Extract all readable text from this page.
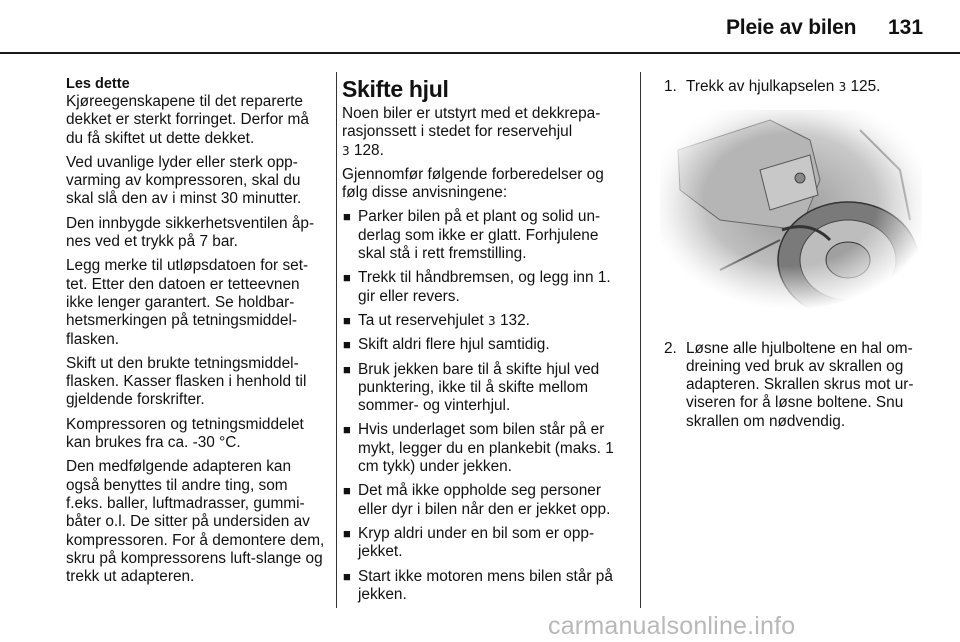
Pleie av bilen 131
Les dette

Kjøreegenskapene til det reparerte dekket er sterkt forringet. Derfor må du få skiftet ut dette dekket.

Ved uvanlige lyder eller sterk opp-varming av kompressoren, skal du skal slå den av i minst 30 minutter.

Den innbygde sikkerhetsventilen åp-nes ved et trykk på 7 bar.

Legg merke til utløpsdatoen for set-tet. Etter den datoen er tetteevnen ikke lenger garantert. Se holdbar-hetsmerkingen på tetningsmiddel-flasken.

Skift ut den brukte tetningsmiddel-flasken. Kasser flasken i henhold til gjeldende forskrifter.

Kompressoren og tetningsmiddelet kan brukes fra ca. -30 °C.

Den medfølgende adapteren kan også benyttes til andre ting, som f.eks. baller, luftmadrasser, gummi-båter o.l. De sitter på undersiden av kompressoren. For å demontere dem, skru på kompressorens luft-slange og trekk ut adapteren.

Skifte hjul

Noen biler er utstyrt med et dekkrepa-rasjonssett i stedet for reservehjul
3 128.

Gjennomfør følgende forberedelser og følg disse anvisningene:

■ Parker bilen på et plant og solid un-derlag som ikke er glatt. Forhjulene skal stå i rett fremstilling.
■ Trekk til håndbremsen, og legg inn 1. gir eller revers.
■ Ta ut reservehjulet 3 132.
■ Skift aldri flere hjul samtidig.
■ Bruk jekken bare til å skifte hjul ved punktering, ikke til å skifte mellom sommer- og vinterhjul.
■ Hvis underlaget som bilen står på er mykt, legger du en plankebit (maks. 1 cm tykk) under jekken.
■ Det må ikke oppholde seg personer eller dyr i bilen når den er jekket opp.
■ Kryp aldri under en bil som er opp-jekket.
■ Start ikke motoren mens bilen står på jekken.
1. Trekk av hjulkapselen 3 125.
2. Løsne alle hjulboltene en hal om-dreining ved bruk av skrallen og adapteren. Skrallen skrus mot ur-viseren for å løsne boltene. Snu skrallen om nødvendig.
carmanualsonline.info
